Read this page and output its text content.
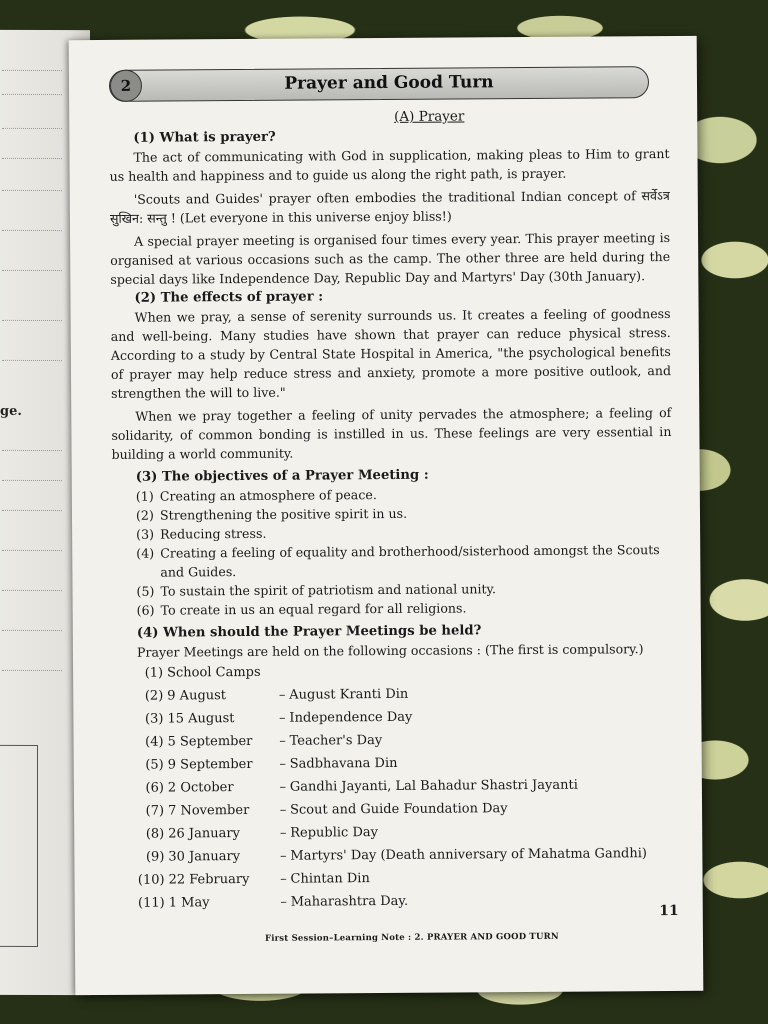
ge.
2	Prayer and Good Turn
(A) Prayer
(1) What is prayer?

The act of communicating with God in supplication, making pleas to Him to grant us health and happiness and to guide us along the right path, is prayer.

'Scouts and Guides' prayer often embodies the traditional Indian concept of सर्वेऽत्र सुखिन: सन्तु ! (Let everyone in this universe enjoy bliss!)

A special prayer meeting is organised four times every year. This prayer meeting is organised at various occasions such as the camp. The other three are held during the special days like Independence Day, Republic Day and Martyrs' Day (30th January).

(2) The effects of prayer :

When we pray, a sense of serenity surrounds us. It creates a feeling of goodness and well-being. Many studies have shown that prayer can reduce physical stress. According to a study by Central State Hospital in America, "the psychological benefits of prayer may help reduce stress and anxiety, promote a more positive outlook, and strengthen the will to live."

When we pray together a feeling of unity pervades the atmosphere; a feeling of solidarity, of common bonding is instilled in us. These feelings are very essential in building a world community.

(3) The objectives of a Prayer Meeting :
(1) Creating an atmosphere of peace.
(2) Strengthening the positive spirit in us.
(3) Reducing stress.
(4) Creating a feeling of equality and brotherhood/sisterhood amongst the Scouts and Guides.
(5) To sustain the spirit of patriotism and national unity.
(6) To create in us an equal regard for all religions.
(4) When should the Prayer Meetings be held?
Prayer Meetings are held on the following occasions : (The first is compulsory.)
(1) School Camps
(2) 9 August	– August Kranti Din
(3) 15 August	– Independence Day
(4) 5 September	– Teacher's Day
(5) 9 September	– Sadbhavana Din
(6) 2 October	– Gandhi Jayanti, Lal Bahadur Shastri Jayanti
(7) 7 November	– Scout and Guide Foundation Day
(8) 26 January	– Republic Day
(9) 30 January	– Martyrs' Day (Death anniversary of Mahatma Gandhi)
(10) 22 February	– Chintan Din
(11) 1 May	– Maharashtra Day.
11
First Session–Learning Note : 2. PRAYER AND GOOD TURN
